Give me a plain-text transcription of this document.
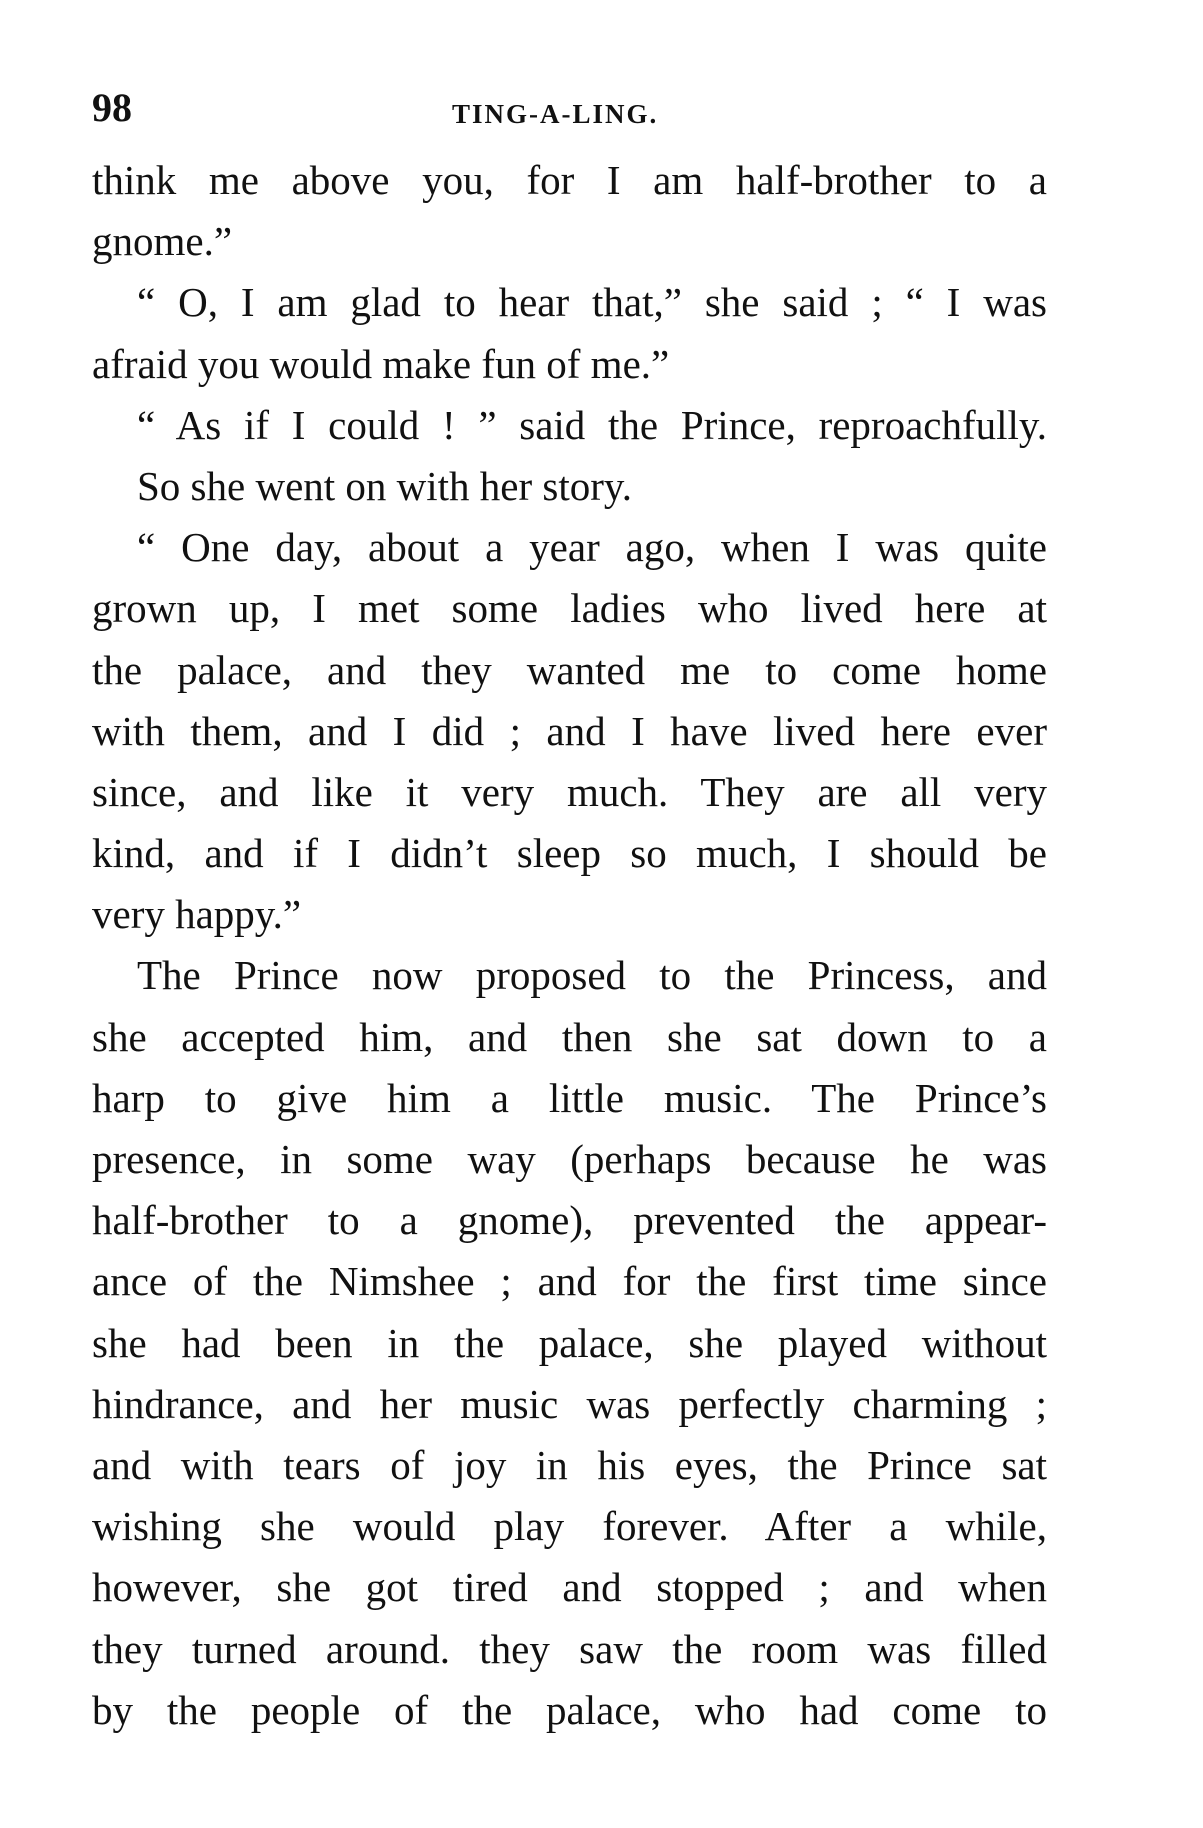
98	TING-A-LING.
think me above you, for I am half-brother to a
gnome.”
“ O, I am glad to hear that,” she said ; “ I was
afraid you would make fun of me.”
“ As if I could ! ” said the Prince, reproachfully.
So she went on with her story.
“ One day, about a year ago, when I was quite
grown up, I met some ladies who lived here at
the palace, and they wanted me to come home
with them, and I did ; and I have lived here ever
since, and like it very much. They are all very
kind, and if I didn’t sleep so much, I should be
very happy.”
The Prince now proposed to the Princess, and
she accepted him, and then she sat down to a
harp to give him a little music. The Prince’s
presence, in some way (perhaps because he was
half-brother to a gnome), prevented the appear-
ance of the Nimshee ; and for the first time since
she had been in the palace, she played without
hindrance, and her music was perfectly charming ;
and with tears of joy in his eyes, the Prince sat
wishing she would play forever. After a while,
however, she got tired and stopped ; and when
they turned around. they saw the room was filled
by the people of the palace, who had come to
